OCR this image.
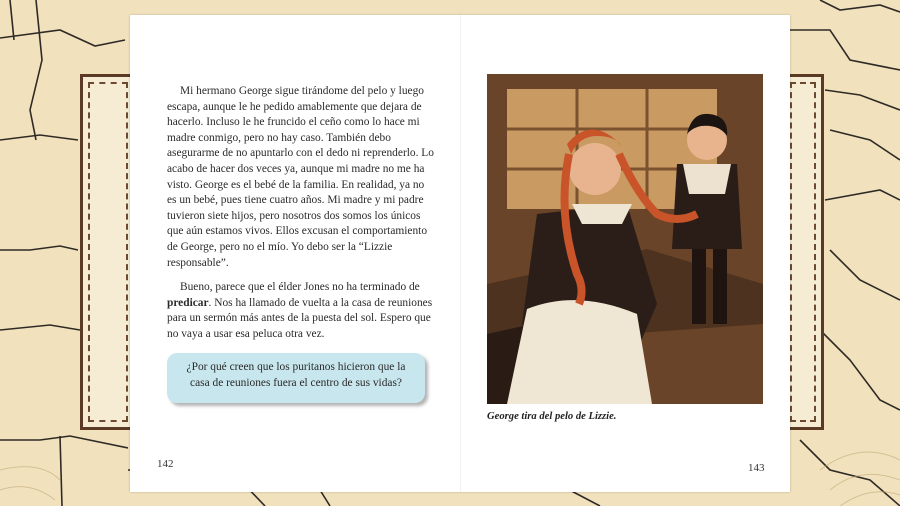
Mi hermano George sigue tirándome del pelo y luego escapa, aunque le he pedido amablemente que dejara de hacerlo. Incluso le he fruncido el ceño como lo hace mi madre conmigo, pero no hay caso. También debo asegurarme de no apuntarlo con el dedo ni reprenderlo. Lo acabo de hacer dos veces ya, aunque mi madre no me ha visto. George es el bebé de la familia. En realidad, ya no es un bebé, pues tiene cuatro años. Mi madre y mi padre tuvieron siete hijos, pero nosotros dos somos los únicos que aún estamos vivos. Ellos excusan el comportamiento de George, pero no el mío. Yo debo ser la “Lizzie responsable”.

Bueno, parece que el élder Jones no ha terminado de predicar. Nos ha llamado de vuelta a la casa de reuniones para un sermón más antes de la puesta del sol. Espero que no vaya a usar esa peluca otra vez.

¿Por qué creen que los puritanos hicieron que la casa de reuniones fuera el centro de sus vidas?
142
George tira del pelo de Lizzie.
143
